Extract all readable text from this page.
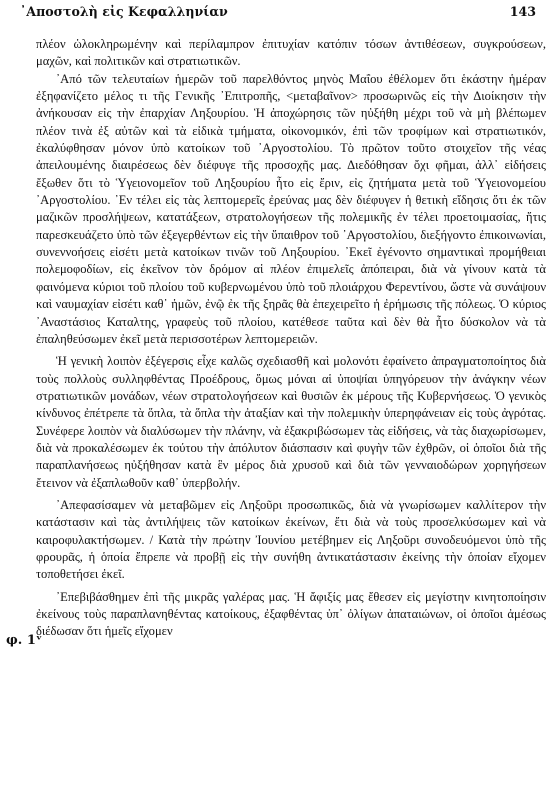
᾿Αποστολὴ εἰς Κεφαλληνίαν	143
φ. 1ᵛ

πλέον ὡλοκληρωμένην καὶ περίλαμπρον ἐπιτυχίαν κατόπιν τόσων ἀντιθέσεων, συγκρούσεων, μαχῶν, καὶ πολιτικῶν καὶ στρατιωτικῶν.

᾿Από τῶν τελευταίων ἡμερῶν τοῦ παρελθόντος μηνὸς Μαΐου ἐθέλομεν ὅτι ἑκάστην ἡμέραν ἐξηφανίζετο μέλος τι τῆς Γενικῆς ᾿Επιτροπῆς, <μεταβαῖνον> προσωρινῶς εἰς τὴν Διοίκησιν τὴν ἀνήκουσαν εἰς τὴν ἐπαρχίαν Ληξουρίου. Ἡ ἀποχώρησις τῶν ηὐξήθη μέχρι τοῦ νὰ μὴ βλέπωμεν πλέον τινὰ ἐξ αὐτῶν καὶ τὰ εἰδικὰ τμήματα, οἰκονομικόν, ἐπὶ τῶν τροφίμων καὶ στρατιωτικόν, ἐκαλύφθησαν μόνον ὑπὸ κατοίκων τοῦ ᾿Αργοστολίου. Τὸ πρῶτον τοῦτο στοιχεῖον τῆς νέας ἀπειλουμένης διαιρέσεως δὲν διέφυγε τῆς προσοχῆς μας. Διεδόθησαν ὄχι φῆμαι, ἀλλ᾿ εἰδήσεις ἔξωθεν ὅτι τὸ Ὑγειονομεῖον τοῦ Ληξουρίου ἦτο εἰς ἔριν, εἰς ζητήματα μετὰ τοῦ Ὑγειονομείου ᾿Αργοστολίου. ᾿Εν τέλει εἰς τὰς λεπτομερεῖς ἐρεύνας μας δὲν διέφυγεν ἡ θετικὴ εἴδησις ὅτι ἐκ τῶν μαζικῶν προσλήψεων, κατατάξεων, στρατολογήσεων τῆς πολεμικῆς ἐν τέλει προετοιμασίας, ἥτις παρεσκευάζετο ὑπὸ τῶν ἐξεγερθέντων εἰς τὴν ὕπαιθρον τοῦ ᾿Αργοστολίου, διεξήγοντο ἐπικοινωνίαι, συνεννοήσεις εἰσέτι μετὰ κατοίκων τινῶν τοῦ Ληξουρίου. ᾿Εκεῖ ἐγένοντο σημαντικαὶ προμήθειαι πολεμοφοδίων, εἰς ἐκεῖνον τὸν δρόμον αἱ πλέον ἐπιμελεῖς ἀπόπειραι, διὰ νὰ γίνουν κατὰ τὰ φαινόμενα κύριοι τοῦ πλοίου τοῦ κυβερνωμένου ὑπὸ τοῦ πλοιάρχου Φερεντίνου, ὥστε νὰ συνάψουν καὶ ναυμαχίαν εἰσέτι καθ᾿ ἡμῶν, ἐνῷ ἐκ τῆς ξηρᾶς θὰ ἐπεχειρεῖτο ἡ ἐρήμωσις τῆς πόλεως. Ὁ κύριος ᾿Αναστάσιος Καταλτης, γραφεὺς τοῦ πλοίου, κατέθεσε ταῦτα καὶ δὲν θὰ ἦτο δύσκολον νὰ τὰ ἐπαληθεύσωμεν ἐκεῖ μετὰ περισσοτέρων λεπτομερειῶν.

Ἡ γενικὴ λοιπὸν ἐξέγερσις εἶχε καλῶς σχεδιασθῆ καὶ μολονότι ἐφαίνετο ἀπραγματοποίητος διὰ τοὺς πολλοὺς συλληφθέντας Προέδρους, ὅμως μόναι αἱ ὑποψίαι ὑπηγόρευον τὴν ἀνάγκην νέων στρατιωτικῶν μονάδων, νέων στρατολογήσεων καὶ θυσιῶν ἐκ μέρους τῆς Κυβερνήσεως. Ὁ γενικὸς κίνδυνος ἐπέτρεπε τὰ ὅπλα, τὰ ὅπλα τὴν ἀταξίαν καὶ τὴν πολεμικὴν ὑπερηφάνειαν εἰς τοὺς ἀγρότας. Συνέφερε λοιπὸν νὰ διαλύσωμεν τὴν πλάνην, νὰ ἐξακριβώσωμεν τὰς εἰδήσεις, νὰ τὰς διαχωρίσωμεν, διὰ νὰ προκαλέσωμεν ἐκ τούτου τὴν ἀπόλυτον διάσπασιν καὶ φυγὴν τῶν ἐχθρῶν, οἱ ὁποῖοι διὰ τῆς παραπλανήσεως ηὐξήθησαν κατὰ ἓν μέρος διὰ χρυσοῦ καὶ διὰ τῶν γενναιοδώρων χορηγήσεων ἔτεινον νὰ ἐξαπλωθοῦν καθ᾿ ὑπερβολήν.

᾿Απεφασίσαμεν νὰ μεταβῶμεν εἰς Ληξοῦρι προσωπικῶς, διὰ νὰ γνωρίσωμεν καλλίτερον τὴν κατάστασιν καὶ τὰς ἀντιλήψεις τῶν κατοίκων ἐκείνων, ἔτι διὰ νὰ τοὺς προσελκύσωμεν καὶ νὰ καιροφυλακτήσωμεν. / Κατὰ τὴν πρώτην Ἰουνίου μετέβημεν εἰς Ληξοῦρι συνοδευόμενοι ὑπὸ τῆς φρουρᾶς, ἡ ὁποία ἔπρεπε νὰ προβῇ εἰς τὴν συνήθη ἀντικατάστασιν ἐκείνης τὴν ὁποίαν εἴχομεν τοποθετήσει ἐκεῖ.

᾿Επεβιβάσθημεν ἐπὶ τῆς μικρᾶς γαλέρας μας. Ἡ ἄφιξίς μας ἔθεσεν εἰς μεγίστην κινητοποίησιν ἐκείνους τοὺς παραπλανηθέντας κατοίκους, ἐξαφθέντας ὑπ᾿ ὀλίγων ἀπαταιώνων, οἱ ὁποῖοι ἀμέσως διέδωσαν ὅτι ἡμεῖς εἴχομεν
